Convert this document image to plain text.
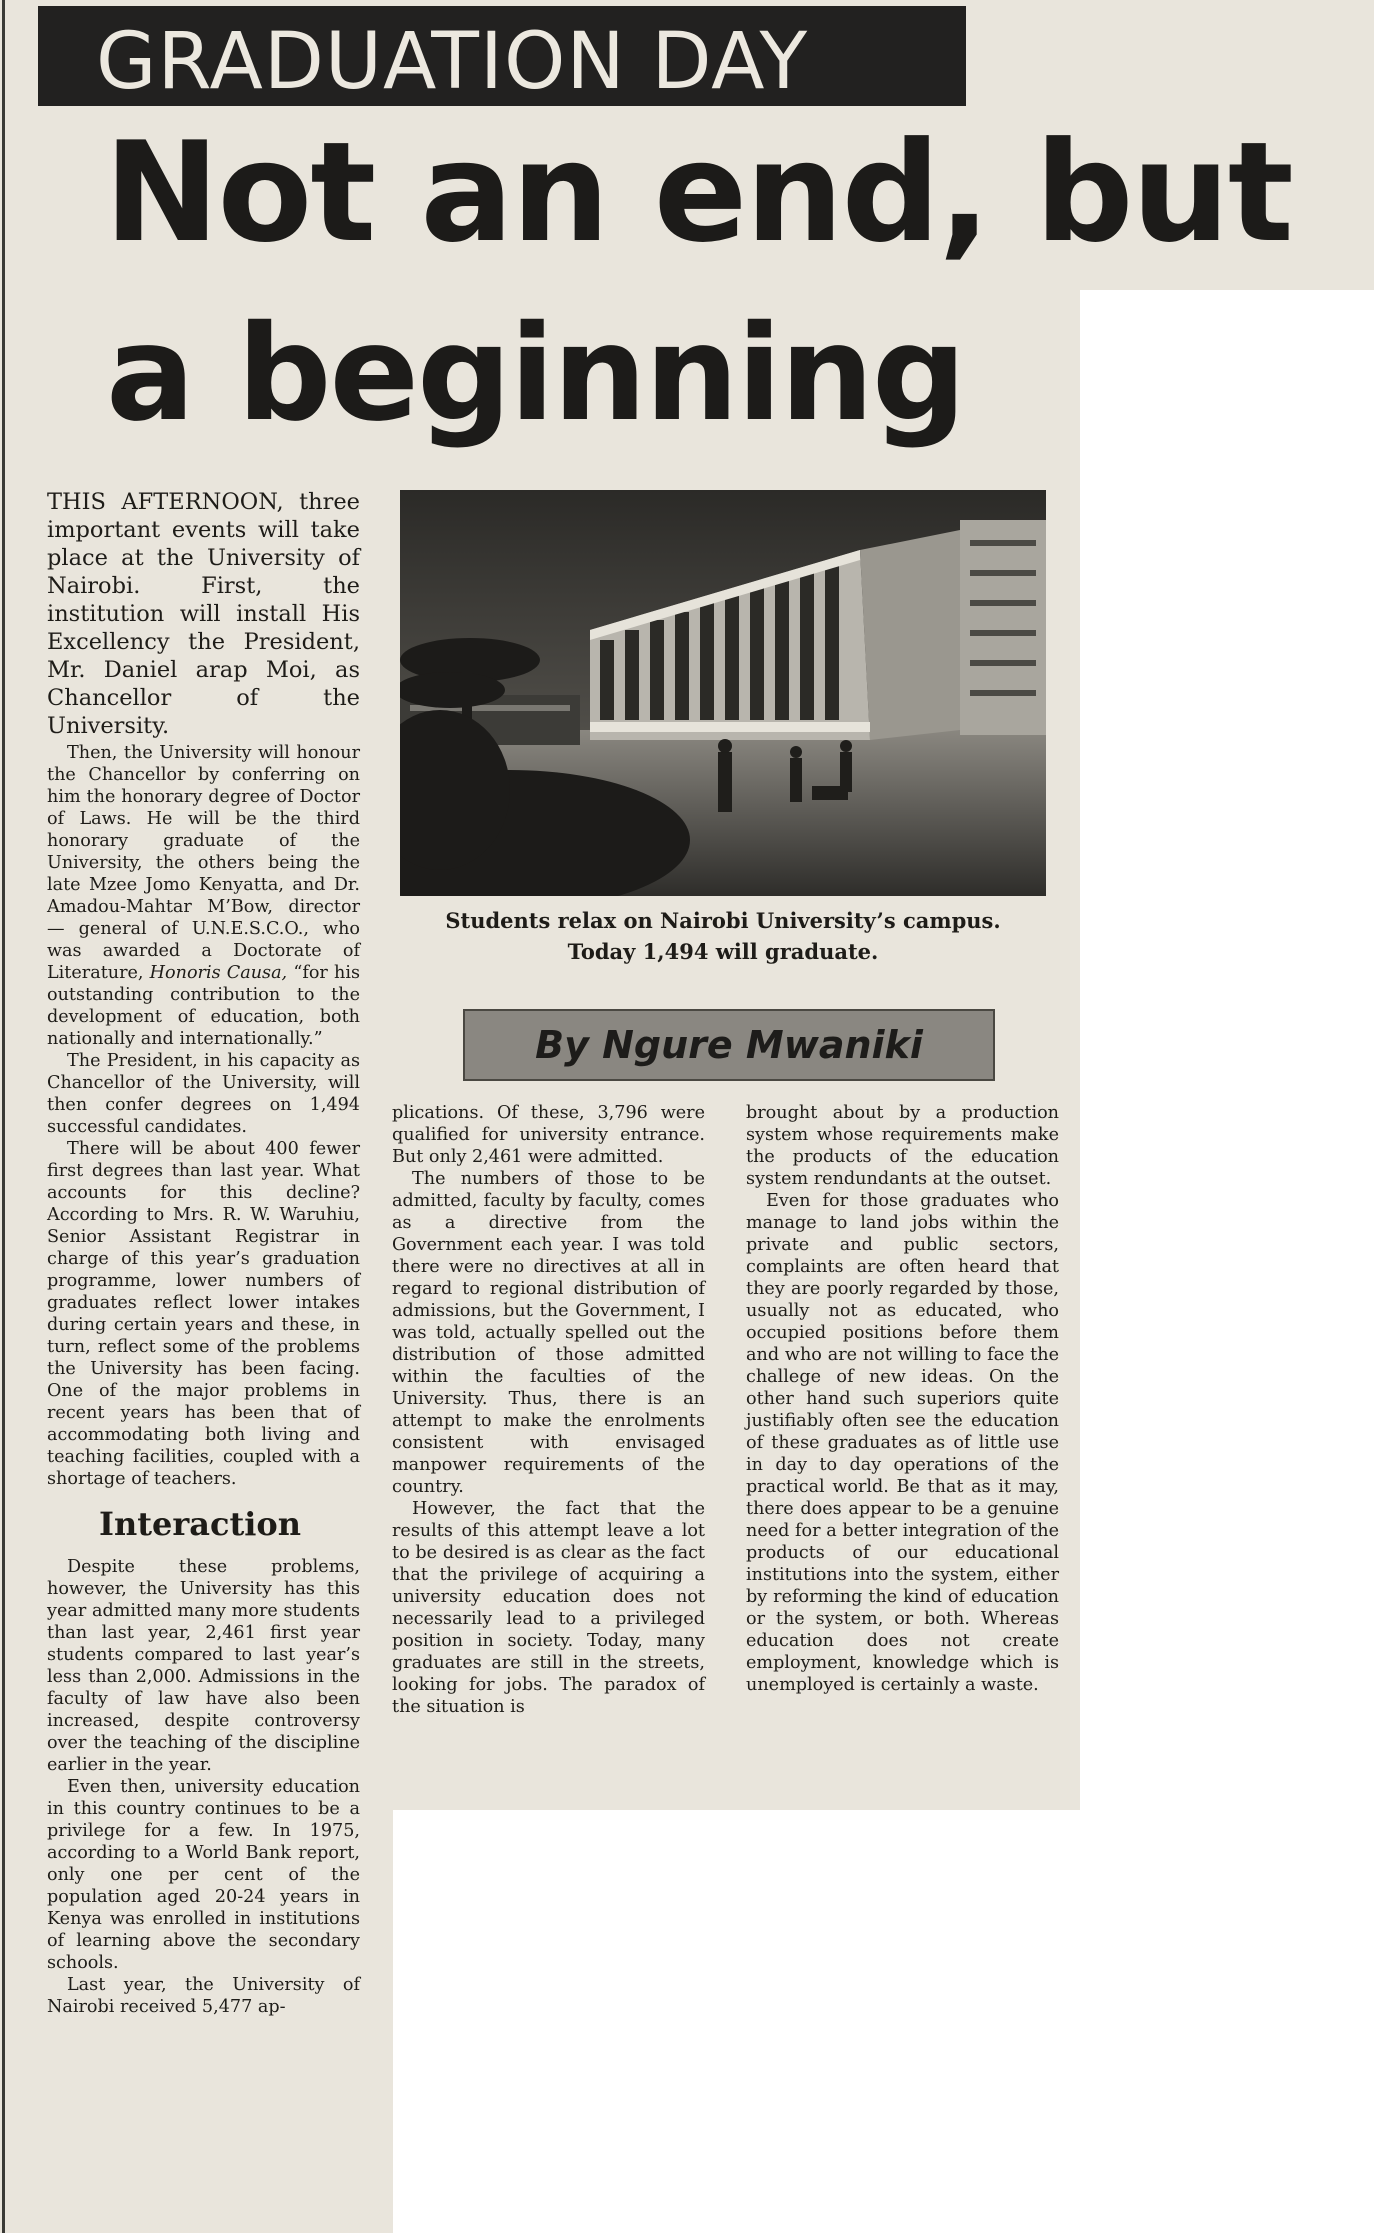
GRADUATION DAY
Not an end, but
a beginning

THIS AFTERNOON, three important events will take place at the University of Nairobi. First, the institution will install His Excellency the President, Mr. Daniel arap Moi, as Chancellor of the University.

Then, the University will honour the Chancellor by conferring on him the honorary degree of Doctor of Laws. He will be the third honorary graduate of the University, the others being the late Mzee Jomo Kenyatta, and Dr. Amadou-Mahtar M’Bow, director — general of U.N.E.S.C.O., who was awarded a Doctorate of Literature, Honoris Causa, “for his outstanding contribution to the development of education, both nationally and internationally.”

The President, in his capacity as Chancellor of the University, will then confer degrees on 1,494 successful candidates.

There will be about 400 fewer first degrees than last year. What accounts for this decline? According to Mrs. R. W. Waruhiu, Senior Assistant Registrar in charge of this year’s graduation programme, lower numbers of graduates reflect lower intakes during certain years and these, in turn, reflect some of the problems the University has been facing. One of the major problems in recent years has been that of accommodating both living and teaching facilities, coupled with a shortage of teachers.

Interaction

Despite these problems, however, the University has this year admitted many more students than last year, 2,461 first year students compared to last year’s less than 2,000. Admissions in the faculty of law have also been increased, despite controversy over the teaching of the discipline earlier in the year.

Even then, university education in this country continues to be a privilege for a few. In 1975, according to a World Bank report, only one per cent of the population aged 20-24 years in Kenya was enrolled in institutions of learning above the secondary schools.

Last year, the University of Nairobi received 5,477 ap-

Students relax on Nairobi University’s campus.
Today 1,494 will graduate.
By Ngure Mwaniki

plications. Of these, 3,796 were qualified for university entrance. But only 2,461 were admitted.

The numbers of those to be admitted, faculty by faculty, comes as a directive from the Government each year. I was told there were no directives at all in regard to regional distribution of admissions, but the Government, I was told, actually spelled out the distribution of those admitted within the faculties of the University. Thus, there is an attempt to make the enrolments consistent with envisaged manpower requirements of the country.

However, the fact that the results of this attempt leave a lot to be desired is as clear as the fact that the privilege of acquiring a university education does not necessarily lead to a privileged position in society. Today, many graduates are still in the streets, looking for jobs. The paradox of the situation is

brought about by a production system whose requirements make the products of the education system rendundants at the outset.

Even for those graduates who manage to land jobs within the private and public sectors, complaints are often heard that they are poorly regarded by those, usually not as educated, who occupied positions before them and who are not willing to face the challege of new ideas. On the other hand such superiors quite justifiably often see the education of these graduates as of little use in day to day operations of the practical world. Be that as it may, there does appear to be a genuine need for a better integration of the products of our educational institutions into the system, either by reforming the kind of education or the system, or both. Whereas education does not create employment, knowledge which is unemployed is certainly a waste.
